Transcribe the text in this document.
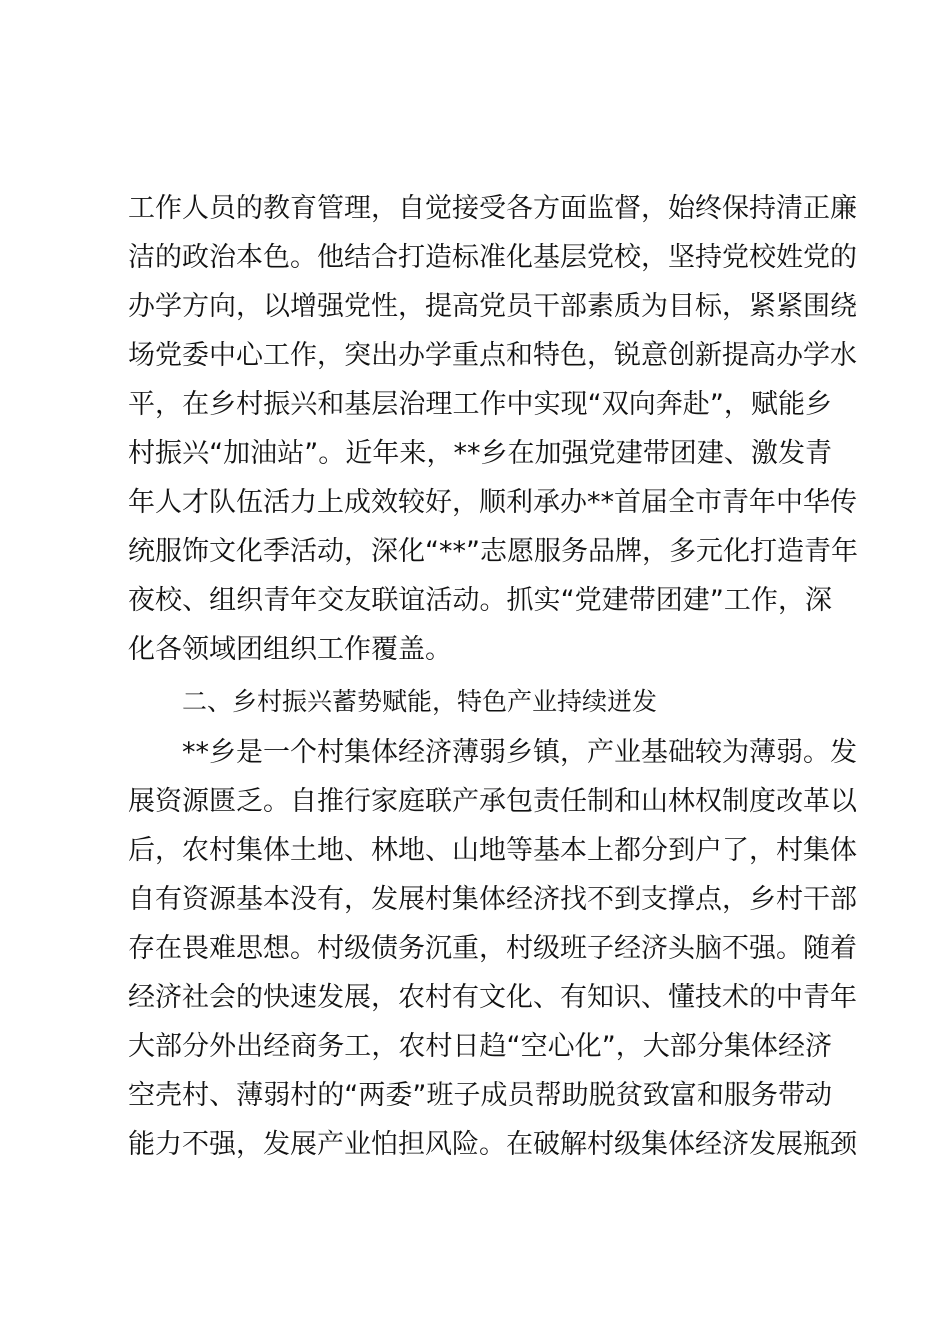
工作人员的教育管理，自觉接受各方面监督，始终保持清正廉
洁的政治本色。他结合打造标准化基层党校，坚持党校姓党的
办学方向，以增强党性，提高党员干部素质为目标，紧紧围绕
场党委中心工作，突出办学重点和特色，锐意创新提高办学水
平，在乡村振兴和基层治理工作中实现“双向奔赴”，赋能乡
村振兴“加油站”。近年来，**乡在加强党建带团建、激发青
年人才队伍活力上成效较好，顺利承办**首届全市青年中华传
统服饰文化季活动，深化“**”志愿服务品牌，多元化打造青年
夜校、组织青年交友联谊活动。抓实“党建带团建”工作，深
化各领域团组织工作覆盖。
二、乡村振兴蓄势赋能，特色产业持续迸发
**乡是一个村集体经济薄弱乡镇，产业基础较为薄弱。发
展资源匮乏。自推行家庭联产承包责任制和山林权制度改革以
后，农村集体土地、林地、山地等基本上都分到户了，村集体
自有资源基本没有，发展村集体经济找不到支撑点，乡村干部
存在畏难思想。村级债务沉重，村级班子经济头脑不强。随着
经济社会的快速发展，农村有文化、有知识、懂技术的中青年
大部分外出经商务工，农村日趋“空心化”，大部分集体经济
空壳村、薄弱村的“两委”班子成员帮助脱贫致富和服务带动
能力不强，发展产业怕担风险。在破解村级集体经济发展瓶颈
